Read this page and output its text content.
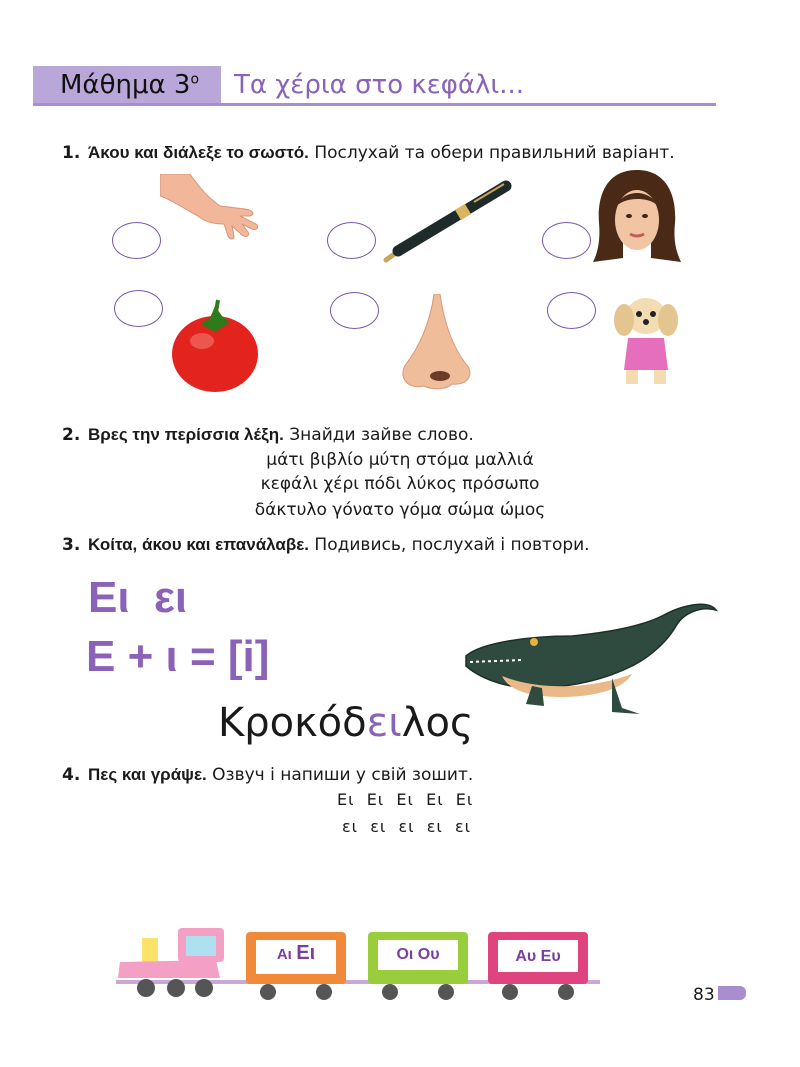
Μάθημα $3^o$ Τα χέρια στο κεφάλι...
1. Άκου και διάλεξε το σωστό. Послухай та обери правильний варіант.
2. Βρες την περίσσια λέξη. Знайди зайве слово.
μάτι βιβλίο μύτη στόμα μαλλιά
κεφάλι χέρι πόδι λύκος πρόσωπο
δάκτυλο γόνατο γόμα σώμα ώμος
3. Κοίτα, άκου και επανάλαβε. Подивись, послухай і повтори.
Ει  ει
Ε + ι = [i]
Κροκόδειλος
4. Πες και γράψε. Озвуч і напиши у свій зошит.
Ει  Ει  Ει  Ει  Ει
ει  ει  ει  ει  ει
Αι Ει	Οι Ου	Αυ Ευ
83
